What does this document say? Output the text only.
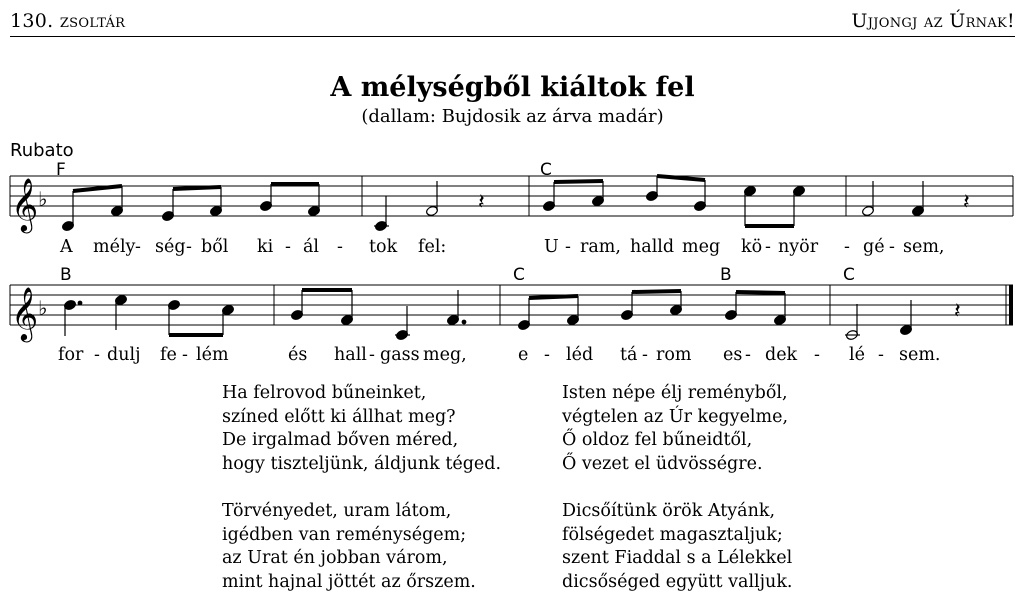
130. zsoltár	Ujjongj az Úrnak!
A mélységből kiáltok fel
(dallam: Bujdosik az árva madár)
Rubato
F	C
B	C	B	C
𝄞
𝄞
♭
♭
𝄽	𝄽
𝄽
A mély - ség - ből ki - ál - tok fel:	U - ram, halld meg kö - nyör - gé - sem,
for - dulj fe - lém	és hall - gass meg,	e - léd tá - rom es - dek - lé - sem.
Ha felrovod bűneinket,
színed előtt ki állhat meg?
De irgalmad bőven méred,
hogy tiszteljünk, áldjunk téged.
Isten népe élj reményből,
végtelen az Úr kegyelme,
Ő oldoz fel bűneidtől,
Ő vezet el üdvösségre.
Törvényedet, uram látom,
igédben van reménységem;
az Urat én jobban várom,
mint hajnal jöttét az őrszem.
Dicsőítünk örök Atyánk,
fölségedet magasztaljuk;
szent Fiaddal s a Lélekkel
dicsőséged együtt valljuk.
